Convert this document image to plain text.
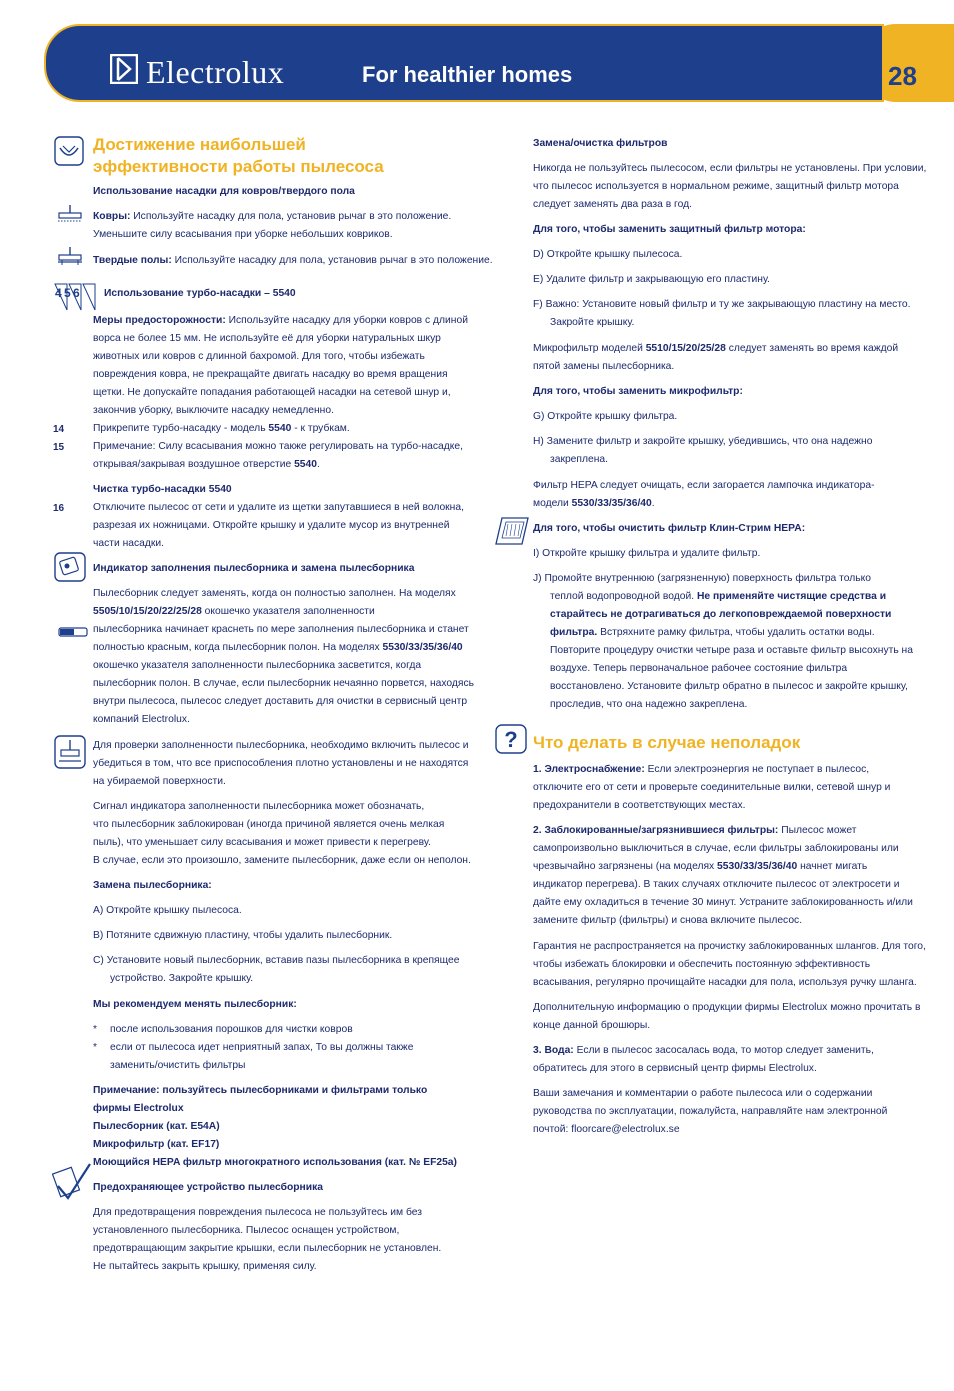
Electrolux	For healthier homes	28
Достижение наибольшей
эффективности работы пылесоса
Использование насадки для ковров/твердого пола
Ковры: Используйте насадку для пола, установив рычаг в это положение.
Уменьшите силу всасывания при уборке небольших ковриков.
Твердые полы: Используйте насадку для пола, установив рычаг в это положение.
4 5 6 Использование турбо-насадки – 5540
Меры предосторожности: Используйте насадку для уборки ковров с длиной
ворса не более 15 мм. Не используйте её для уборки натуральных шкур
животных или ковров с длинной бахромой. Для того, чтобы избежать
повреждения ковра, не прекращайте двигать насадку во время вращения
щетки. Не допускайте попадания работающей насадки на сетевой шнур и,
закончив уборку, выключите насадку немедленно.
14	Прикрепите турбо-насадку - модель 5540 - к трубкам.
15	Примечание: Силу всасывания можно также регулировать на турбо-насадке,
открывая/закрывая воздушное отверстие 5540.
Чистка турбо-насадки 5540
16	Отключите пылесос от сети и удалите из щетки запутавшиеся в ней волокна,
разрезая их ножницами. Откройте крышку и удалите мусор из внутренней
части насадки.
Индикатор заполнения пылесборника и замена пылесборника
Пылесборник следует заменять, когда он полностью заполнен. На моделях
5505/10/15/20/22/25/28 окошечко указателя заполненности
пылесборника начинает краснеть по мере заполнения пылесборника и станет
полностью красным, когда пылесборник полон. На моделях 5530/33/35/36/40
окошечко указателя заполненности пылесборника засветится, когда
пылесборник полон. В случае, если пылесборник нечаянно порвется, находясь
внутри пылесоса, пылесос следует доставить для очистки в сервисный центр
компаний Electrolux.
Для проверки заполненности пылесборника, необходимо включить пылесос и
убедиться в том, что все приспособления плотно установлены и не находятся
на убираемой поверхности.
Сигнал индикатора заполненности пылесборника может обозначать,
что пылесборник заблокирован (иногда причиной является очень мелкая
пыль), что уменьшает силу всасывания и может привести к перегреву.
В случае, если это произошло, замените пылесборник, даже если он неполон.
Замена пылесборника:
A) Откройте крышку пылесоса.
B) Потяните сдвижную пластину, чтобы удалить пылесборник.
C) Установите новый пылесборник, вставив пазы пылесборника в крепящее
устройство. Закройте крышку.
Мы рекомендуем менять пылесборник:
* после использования порошков для чистки ковров
* если от пылесоса идет неприятный запах, То вы должны также
заменить/очистить фильтры
Примечание: пользуйтесь пылесборниками и фильтрами только
фирмы Electrolux
Пылесборник (кат. E54A)
Микрофильтр (кат. EF17)
Моющийся HEPA фильтр многократного использования (кат. № EF25a)
Предохраняющее устройство пылесборника
Для предотвращения повреждения пылесоса не пользуйтесь им без
установленного пылесборника. Пылесос оснащен устройством,
предотвращающим закрытие крышки, если пылесборник не установлен.
Не пытайтесь закрыть крышку, применяя силу.
Замена/очистка фильтров
Никогда не пользуйтесь пылесосом, если фильтры не установлены. При условии,
что пылесос используется в нормальном режиме, защитный фильтр мотора
следует заменять два раза в год.
Для того, чтобы заменить защитный фильтр мотора:
D) Откройте крышку пылесоса.
E) Удалите фильтр и закрывающую его пластину.
F) Важно: Установите новый фильтр и ту же закрывающую пластину на место.
Закройте крышку.
Микрофильтр моделей 5510/15/20/25/28 следует заменять во время каждой
пятой замены пылесборника.
Для того, чтобы заменить микрофильтр:
G) Откройте крышку фильтра.
H) Замените фильтр и закройте крышку, убедившись, что она надежно
закреплена.
Фильтр HEPA следует очищать, если загорается лампочка индикатора-
модели 5530/33/35/36/40.
Для того, чтобы очистить фильтр Клин-Стрим HEPA:
I) Откройте крышку фильтра и удалите фильтр.
J) Промойте внутреннюю (загрязненную) поверхность фильтра только
теплой водопроводной водой. Не применяйте чистящие средства и
старайтесь не дотрагиваться до легкоповреждаемой поверхности
фильтра. Встряхните рамку фильтра, чтобы удалить остатки воды.
Повторите процедуру очистки четыре раза и оставьте фильтр высохнуть на
воздухе. Теперь первоначальное рабочее состояние фильтра
восстановлено. Установите фильтр обратно в пылесос и закройте крышку,
проследив, что она надежно закреплена.
? Что делать в случае неполадок
1. Электроснабжение: Если электроэнергия не поступает в пылесос,
отключите его от сети и проверьте соединительные вилки, сетевой шнур и
предохранители в соответствующих местах.
2. Заблокированные/загрязнившиеся фильтры: Пылесос может
самопроизвольно выключиться в случае, если фильтры заблокированы или
чрезвычайно загрязнены (на моделях 5530/33/35/36/40 начнет мигать
индикатор перегрева). В таких случаях отключите пылесос от электросети и
дайте ему охладиться в течение 30 минут. Устраните заблокированность и/или
замените фильтр (фильтры) и снова включите пылесос.
Гарантия не распространяется на прочистку заблокированных шлангов. Для того,
чтобы избежать блокировки и обеспечить постоянную эффективность
всасывания, регулярно прочищайте насадки для пола, используя ручку шланга.
Дополнительную информацию о продукции фирмы Electrolux можно прочитать в
конце данной брошюры.
3. Вода: Если в пылесос засосалась вода, то мотор следует заменить,
обратитесь для этого в сервисный центр фирмы Electrolux.
Ваши замечания и комментарии о работе пылесоса или о содержании
руководства по эксплуатации, пожалуйста, направляйте нам электронной
почтой: floorcare@electrolux.se
